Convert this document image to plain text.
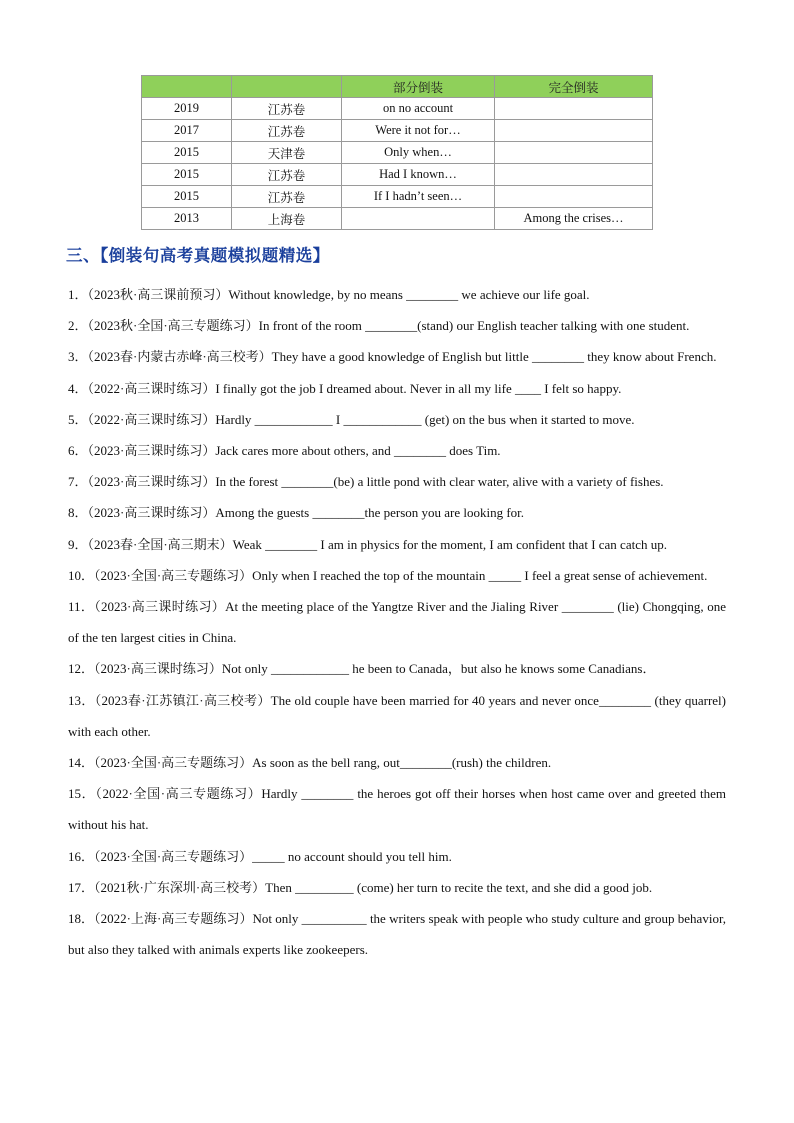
		部分倒装	完全倒装
2019	江苏卷	on no account	
2017	江苏卷	Were it not for…	
2015	天津卷	Only when…	
2015	江苏卷	Had I known…	
2015	江苏卷	If I hadn’t seen…	
2013	上海卷		Among the crises…
三、【倒装句高考真题模拟题精选】

1．（2023秋·高三课前预习）Without knowledge, by no means ________ we achieve our life goal.

2．（2023秋·全国·高三专题练习）In front of the room ________(stand) our English teacher talking with one student.

3．（2023春·内蒙古赤峰·高三校考）They have a good knowledge of English but little ________ they know about French.

4．（2022·高三课时练习）I finally got the job I dreamed about. Never in all my life ____ I felt so happy.

5．（2022·高三课时练习）Hardly ____________ I ____________ (get) on the bus when it started to move.

6．（2023·高三课时练习）Jack cares more about others, and ________ does Tim.

7．（2023·高三课时练习）In the forest ________(be) a little pond with clear water, alive with a variety of fishes.

8．（2023·高三课时练习）Among the guests ________the person you are looking for.

9．（2023春·全国·高三期末）Weak ________ I am in physics for the moment, I am confident that I can catch up.

10．（2023·全国·高三专题练习）Only when I reached the top of the mountain _____ I feel a great sense of achievement.

11．（2023·高三课时练习）At the meeting place of the Yangtze River and the Jialing River ________ (lie) Chongqing, one of the ten largest cities in China.

12．（2023·高三课时练习）Not only ____________ he been to Canada，but also he knows some Canadians．

13．（2023春·江苏镇江·高三校考）The old couple have been married for 40 years and never once________ (they quarrel) with each other.

14．（2023·全国·高三专题练习）As soon as the bell rang, out________(rush) the children.

15．（2022·全国·高三专题练习）Hardly ________ the heroes got off their horses when host came over and greeted them without his hat.

16．（2023·全国·高三专题练习）_____ no account should you tell him.

17．（2021秋·广东深圳·高三校考）Then _________ (come) her turn to recite the text, and she did a good job.

18．（2022·上海·高三专题练习）Not only __________ the writers speak with people who study culture and group behavior, but also they talked with animals experts like zookeepers.
